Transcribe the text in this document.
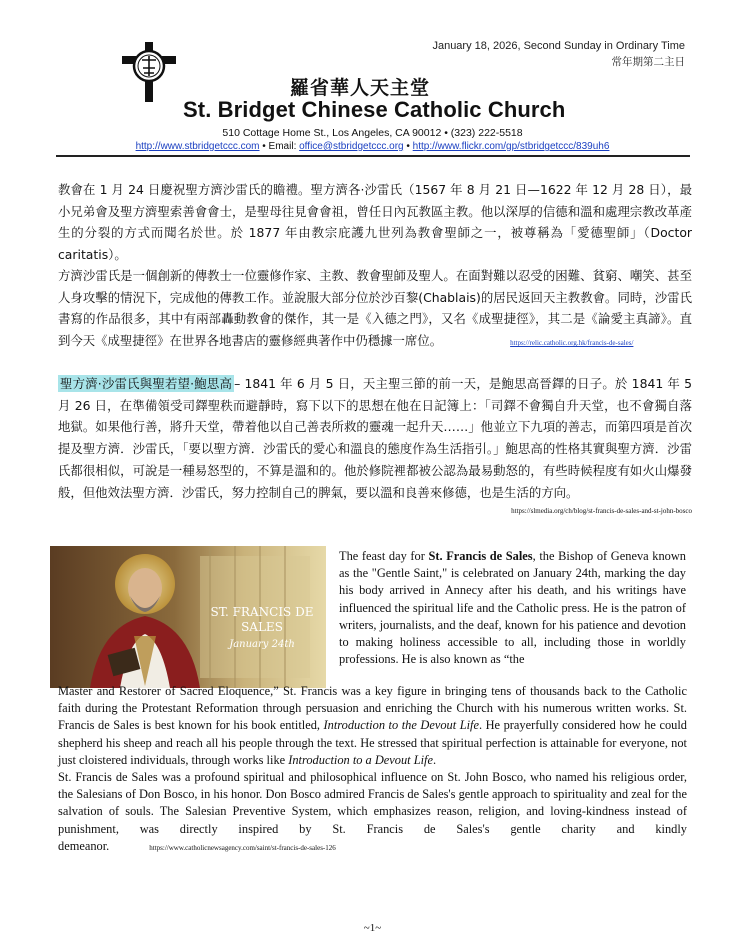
January 18, 2026, Second Sunday in Ordinary Time
常年期第二主日
羅省華人天主堂
St. Bridget Chinese Catholic Church
510 Cottage Home St., Los Angeles, CA 90012 • (323) 222-5518
http://www.stbridgetccc.com • Email: office@stbridgetccc.org • http://www.flickr.com/gp/stbridgetccc/839uh6

教會在 1 月 24 日慶祝聖方濟沙雷氏的瞻禮。聖方濟各·沙雷氏（1567 年 8 月 21 日—1622 年 12 月 28 日），最小兄弟會及聖方濟聖索善會會士，是聖母往見會會祖，曾任日內瓦教區主教。他以深厚的信德和溫和處理宗教改革產生的分裂的方式而聞名於世。於 1877 年由教宗庇護九世列為教會聖師之一，被尊稱為「愛德聖師」（Doctor caritatis）。

方濟沙雷氏是一個創新的傳教士一位靈修作家、主教、教會聖師及聖人。在面對難以忍受的困難、貧窮、嘲笑、甚至人身攻擊的情況下，完成他的傳教工作。並說服大部分位於沙百黎(Chablais)的居民返回天主教教會。同時，沙雷氏書寫的作品很多，其中有兩部轟動教會的傑作，其一是《入德之門》，又名《成聖捷徑》，其二是《論愛主真諦》。直到今天《成聖捷徑》在世界各地書店的靈修經典著作中仍穩據一席位。	https://relic.catholic.org.hk/francis-de-sales/

聖方濟·沙雷氏與聖若望·鮑思高 – 1841 年 6 月 5 日，天主聖三節的前一天，是鮑思高晉鐸的日子。於 1841 年 5 月 26 日，在準備領受司鐸聖秩而避靜時，寫下以下的思想在他在日記簿上：「司鐸不會獨自升天堂，也不會獨自落地獄。如果他行善，將升天堂，帶着他以自己善表所救的靈魂一起升天……」他並立下九項的善志，而第四項是首次提及聖方濟．沙雷氏，「要以聖方濟．沙雷氏的愛心和溫良的態度作為生活指引。」鮑思高的性格其實與聖方濟．沙雷氏都很相似，可說是一種易怒型的，不算是溫和的。他於修院裡都被公認為最易動怒的，有些時候程度有如火山爆發般，但他效法聖方濟．沙雷氏，努力控制自己的脾氣，要以溫和良善來修德，也是生活的方向。

https://slmedia.org/ch/blog/st-francis-de-sales-and-st-john-bosco
ST. FRANCIS DE
SALES
January 24th

The feast day for St. Francis de Sales, the Bishop of Geneva known as the "Gentle Saint," is celebrated on January 24th, marking the day his body arrived in Annecy after his death, and his writings have influenced the spiritual life and the Catholic press. He is the patron of writers, journalists, and the deaf, known for his patience and devotion to making holiness accessible to all, including those in worldly professions. He is also known as “the

Master and Restorer of Sacred Eloquence,” St. Francis was a key figure in bringing tens of thousands back to the Catholic faith during the Protestant Reformation through persuasion and enriching the Church with his numerous written works. St. Francis de Sales is best known for his book entitled, Introduction to the Devout Life. He prayerfully considered how he could shepherd his sheep and reach all his people through the text. He stressed that spiritual perfection is attainable for everyone, not just cloistered individuals, through works like Introduction to a Devout Life.

St. Francis de Sales was a profound spiritual and philosophical influence on St. John Bosco, who named his religious order, the Salesians of Don Bosco, in his honor. Don Bosco admired Francis de Sales's gentle approach to spirituality and zeal for the salvation of souls. The Salesian Preventive System, which emphasizes reason, religion, and loving-kindness instead of punishment, was directly inspired by St. Francis de Sales's gentle charity and kindly demeanor.	https://www.catholicnewsagency.com/saint/st-francis-de-sales-126

~1~
